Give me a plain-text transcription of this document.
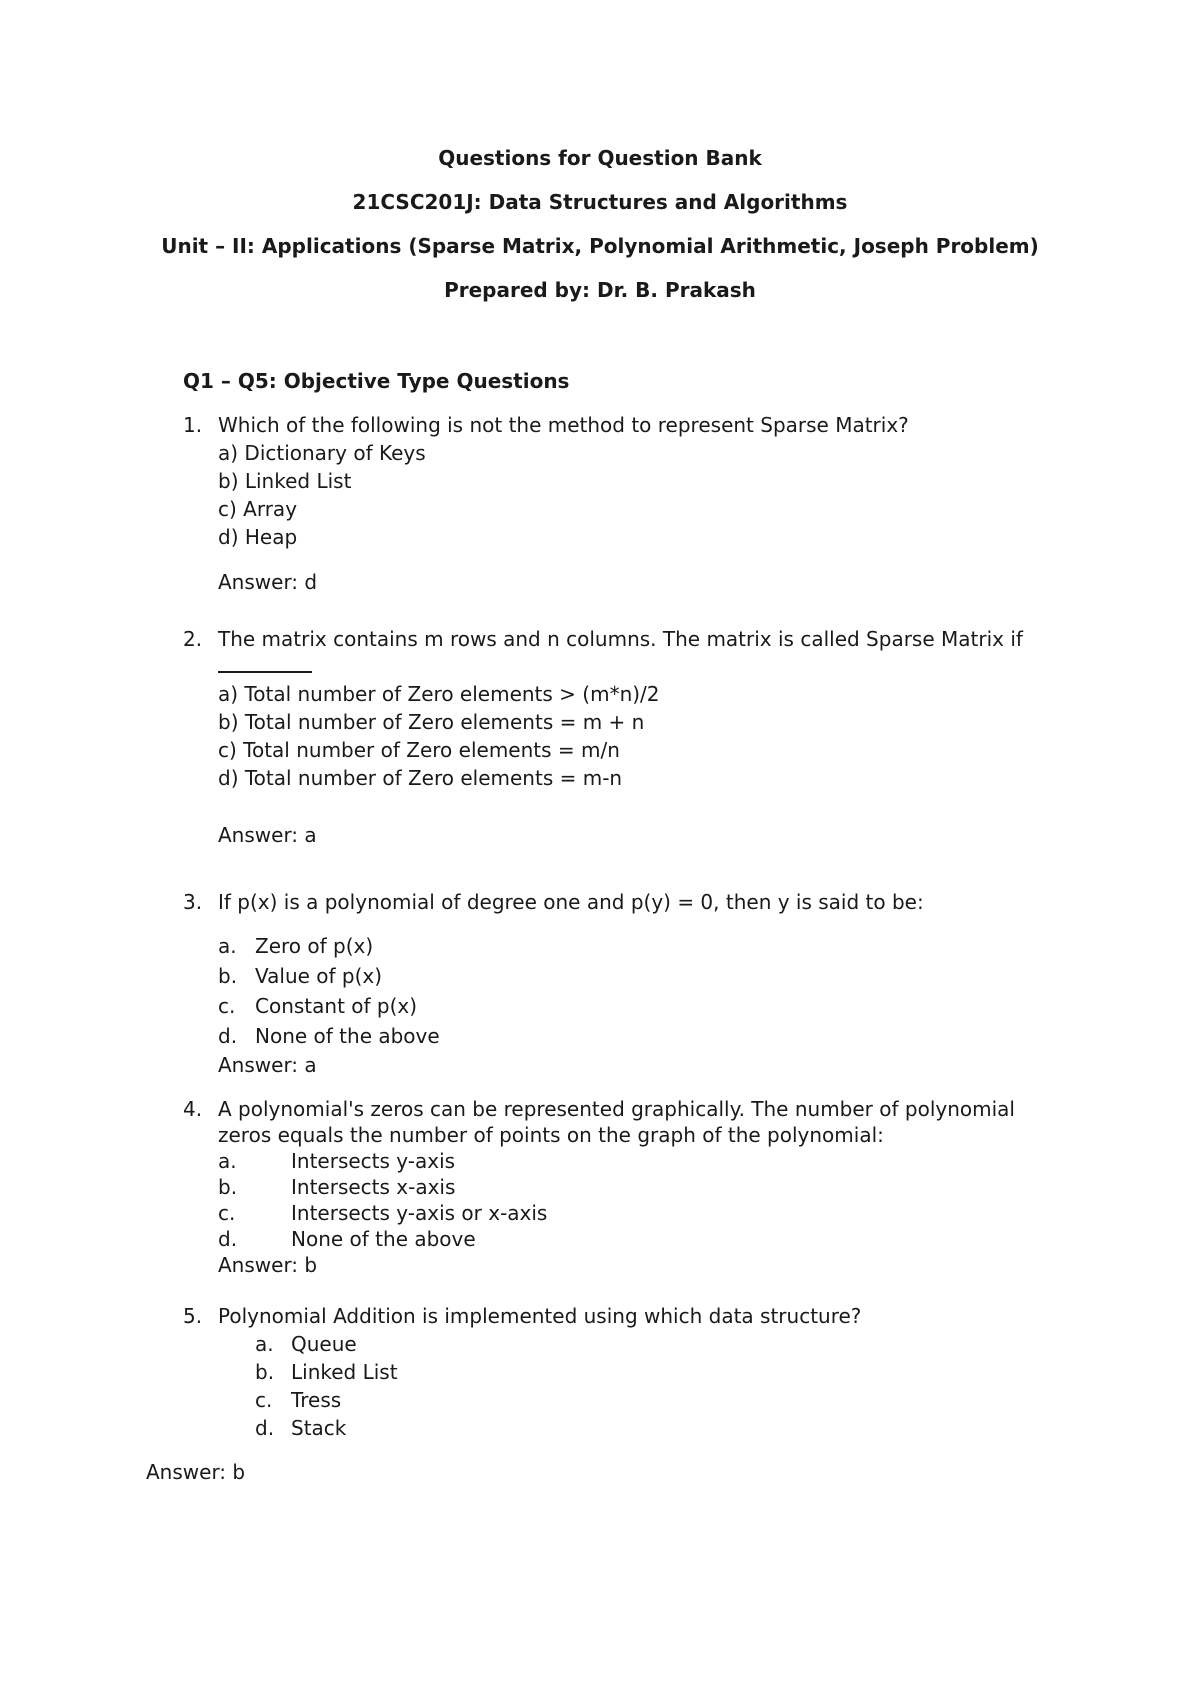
Questions for Question Bank
21CSC201J: Data Structures and Algorithms
Unit – II: Applications (Sparse Matrix, Polynomial Arithmetic, Joseph Problem)
Prepared by: Dr. B. Prakash
Q1 – Q5: Objective Type Questions
1. Which of the following is not the method to represent Sparse Matrix?
a) Dictionary of Keys
b) Linked List
c) Array
d) Heap
Answer: d
2. The matrix contains m rows and n columns. The matrix is called Sparse Matrix if
a) Total number of Zero elements > (m*n)/2
b) Total number of Zero elements = m + n
c) Total number of Zero elements = m/n
d) Total number of Zero elements = m-n
Answer: a
3. If p(x) is a polynomial of degree one and p(y) = 0, then y is said to be:
a. Zero of p(x)
b. Value of p(x)
c. Constant of p(x)
d. None of the above
Answer: a
4. A polynomial's zeros can be represented graphically. The number of polynomial
zeros equals the number of points on the graph of the polynomial:
a.	Intersects y-axis
b.	Intersects x-axis
c.	Intersects y-axis or x-axis
d.	None of the above
Answer: b
5. Polynomial Addition is implemented using which data structure?
a. Queue
b. Linked List
c. Tress
d. Stack
Answer: b
